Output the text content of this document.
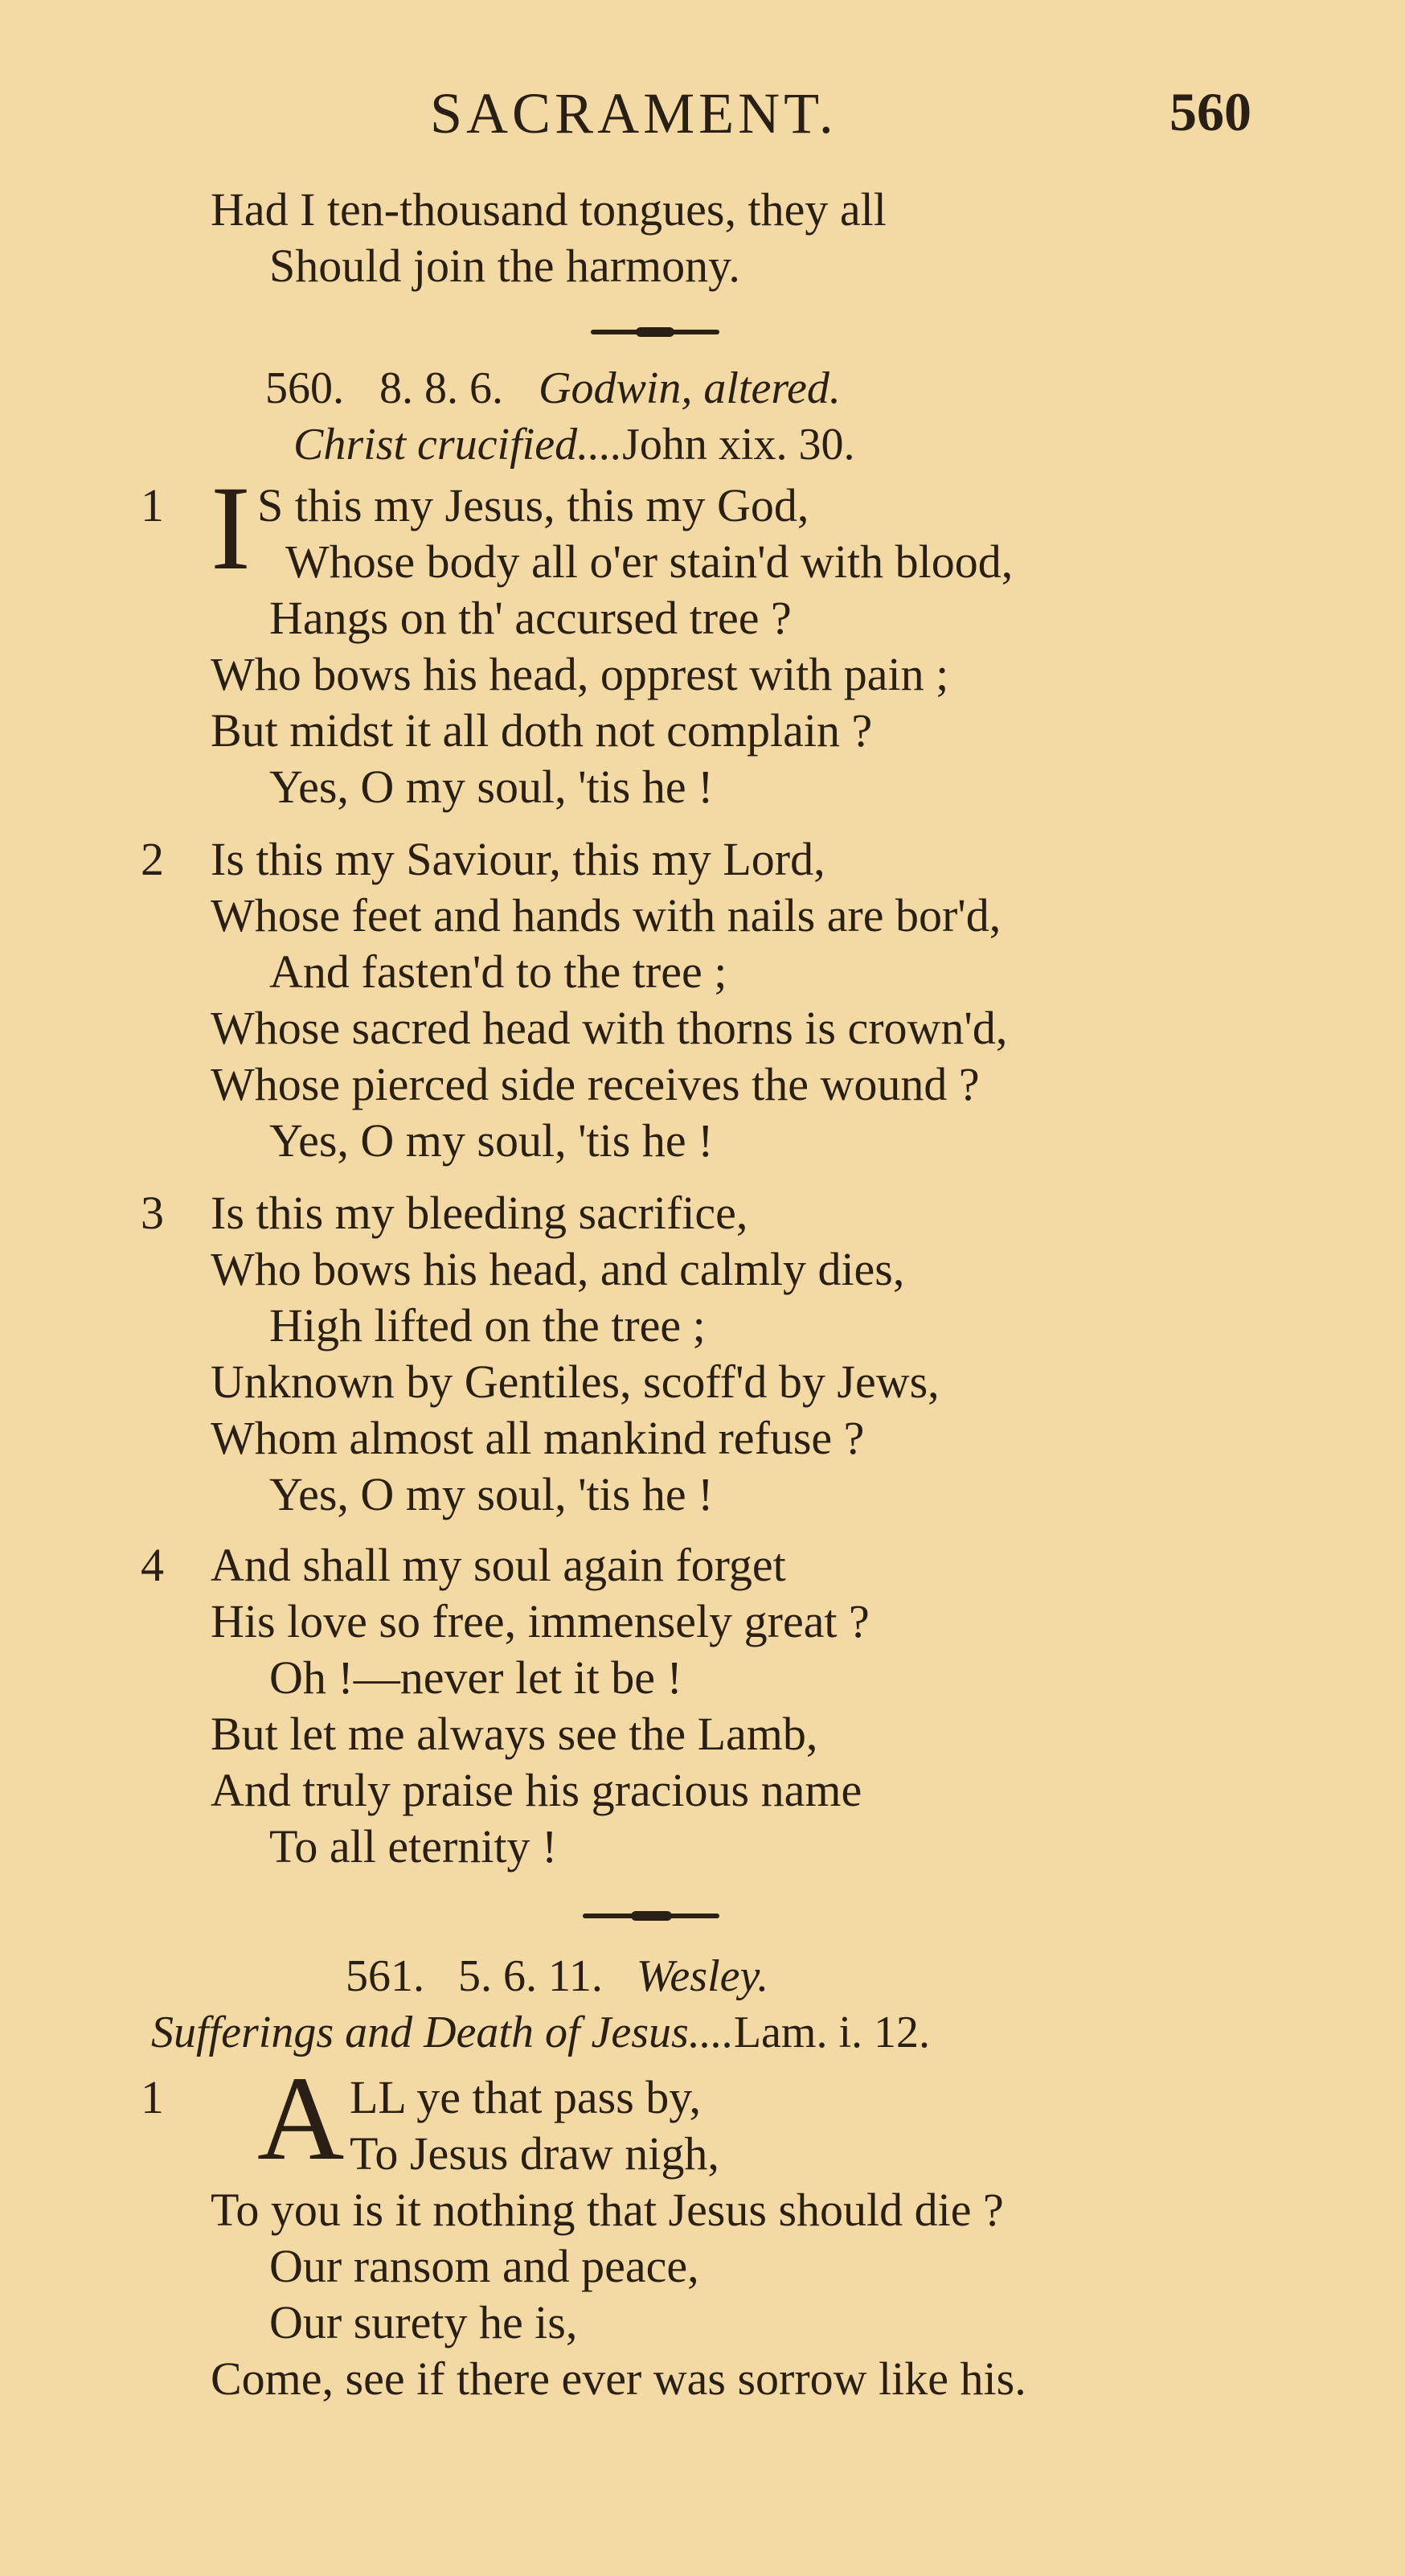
SACRAMENT.	560
Had I ten-thousand tongues, they all
Should join the harmony.
560. 8. 8. 6. Godwin, altered.
Christ crucified....John xix. 30.
1 I S this my Jesus, this my God,
Whose body all o'er stain'd with blood,
Hangs on th' accursed tree ?
Who bows his head, opprest with pain ;
But midst it all doth not complain ?
Yes, O my soul, 'tis he !
2 Is this my Saviour, this my Lord,
Whose feet and hands with nails are bor'd,
And fasten'd to the tree ;
Whose sacred head with thorns is crown'd,
Whose pierced side receives the wound ?
Yes, O my soul, 'tis he !
3 Is this my bleeding sacrifice,
Who bows his head, and calmly dies,
High lifted on the tree ;
Unknown by Gentiles, scoff'd by Jews,
Whom almost all mankind refuse ?
Yes, O my soul, 'tis he !
4 And shall my soul again forget
His love so free, immensely great ?
Oh !—never let it be !
But let me always see the Lamb,
And truly praise his gracious name
To all eternity !
561. 5. 6. 11. Wesley.
Sufferings and Death of Jesus....Lam. i. 12.
1 A LL ye that pass by,
To Jesus draw nigh,
To you is it nothing that Jesus should die ?
Our ransom and peace,
Our surety he is,
Come, see if there ever was sorrow like his.
